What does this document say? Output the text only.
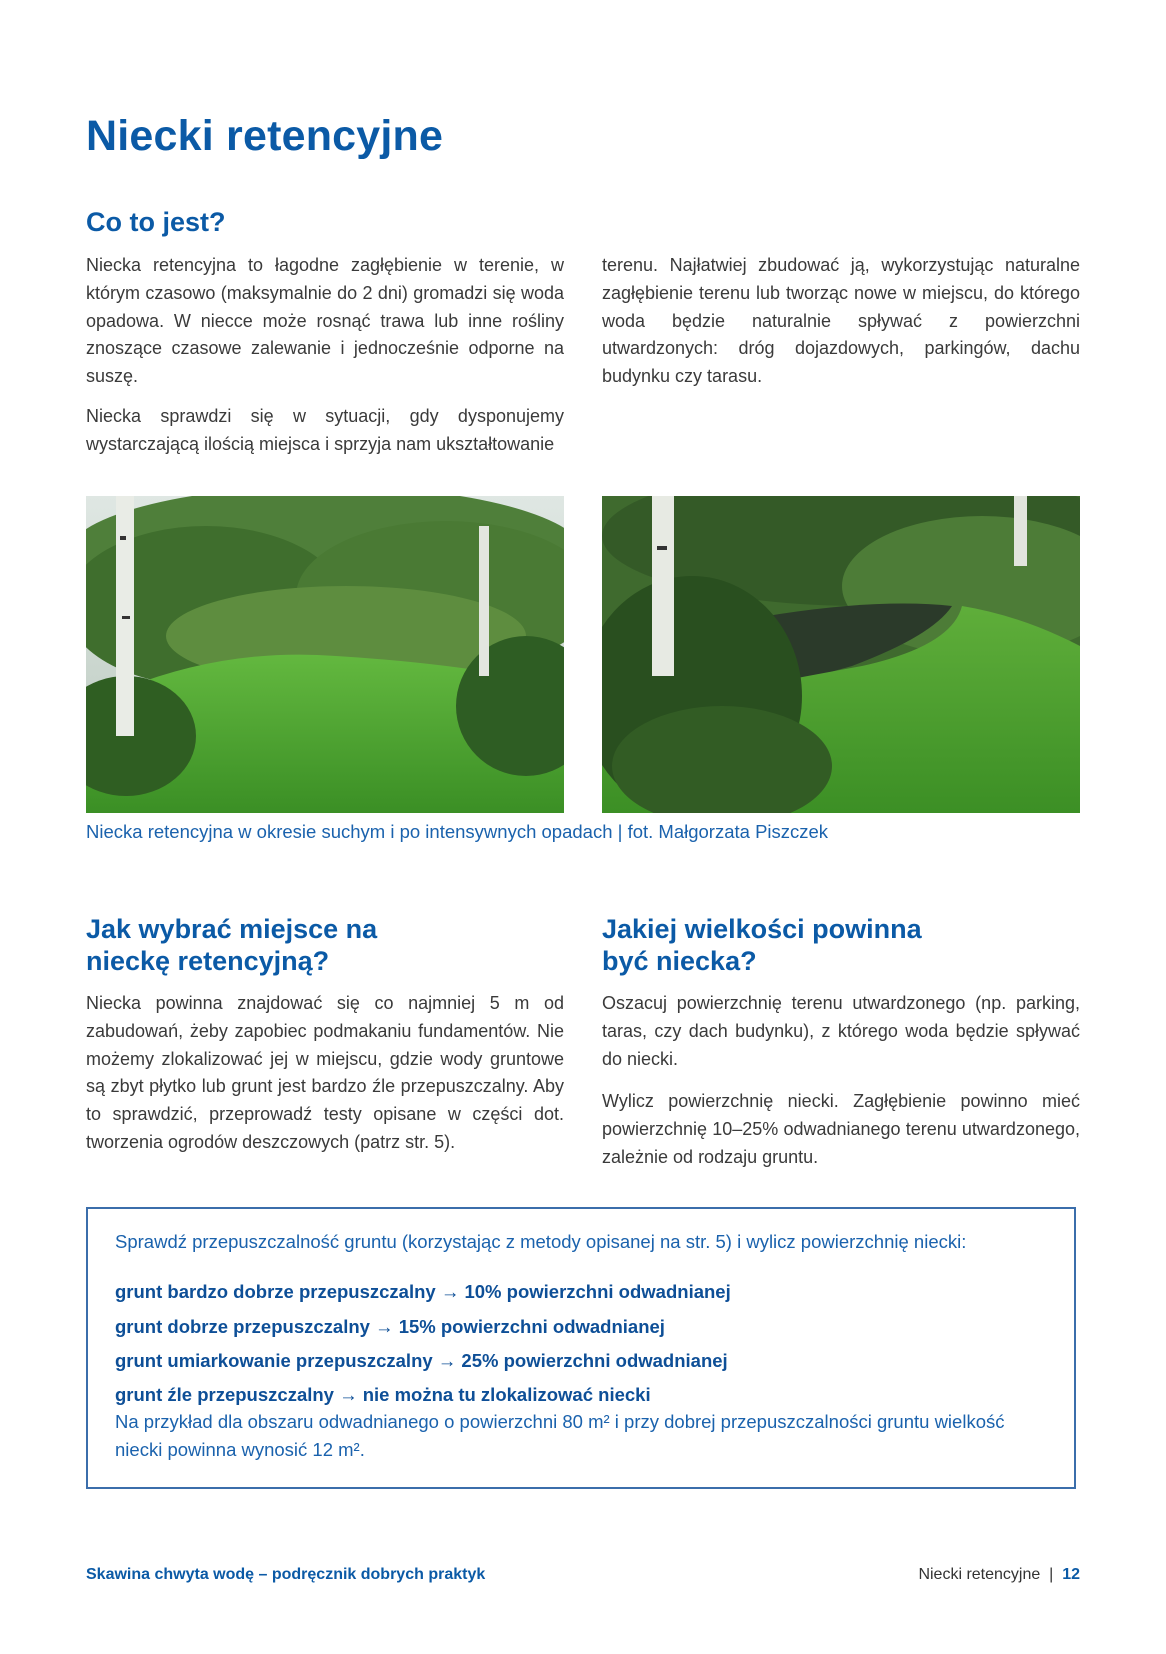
Niecki retencyjne
Co to jest?

Niecka retencyjna to łagodne zagłębienie w terenie, w którym czasowo (maksymalnie do 2 dni) gromadzi się woda opadowa. W niecce może rosnąć trawa lub inne rośliny znoszące czasowe zalewanie i jednocześnie odporne na suszę.

Niecka sprawdzi się w sytuacji, gdy dysponujemy wystarczającą ilością miejsca i sprzyja nam ukształtowanie

terenu. Najłatwiej zbudować ją, wykorzystując naturalne zagłębienie terenu lub tworząc nowe w miejscu, do którego woda będzie naturalnie spływać z powierzchni utwardzonych: dróg dojazdowych, parkingów, dachu budynku czy tarasu.

Niecka retencyjna w okresie suchym i po intensywnych opadach | fot. Małgorzata Piszczek
Jak wybrać miejsce na
nieckę retencyjną?

Niecka powinna znajdować się co najmniej 5 m od zabudowań, żeby zapobiec podmakaniu fundamentów. Nie możemy zlokalizować jej w miejscu, gdzie wody gruntowe są zbyt płytko lub grunt jest bardzo źle przepuszczalny. Aby to sprawdzić, przeprowadź testy opisane w części dot. tworzenia ogrodów deszczowych (patrz str. 5).

Jakiej wielkości powinna
być niecka?

Oszacuj powierzchnię terenu utwardzonego (np. parking, taras, czy dach budynku), z którego woda będzie spływać do niecki.

Wylicz powierzchnię niecki. Zagłębienie powinno mieć powierzchnię 10–25% odwadnianego terenu utwardzonego, zależnie od rodzaju gruntu.

Sprawdź przepuszczalność gruntu (korzystając z metody opisanej na str. 5) i wylicz powierzchnię niecki:
grunt bardzo dobrze przepuszczalny → 10% powierzchni odwadnianej
grunt dobrze przepuszczalny → 15% powierzchni odwadnianej
grunt umiarkowanie przepuszczalny → 25% powierzchni odwadnianej
grunt źle przepuszczalny → nie można tu zlokalizować niecki
Na przykład dla obszaru odwadnianego o powierzchni 80 m² i przy dobrej przepuszczalności gruntu wielkość niecki powinna wynosić 12 m².
Skawina chwyta wodę – podręcznik dobrych praktyk	Niecki retencyjne | 12
